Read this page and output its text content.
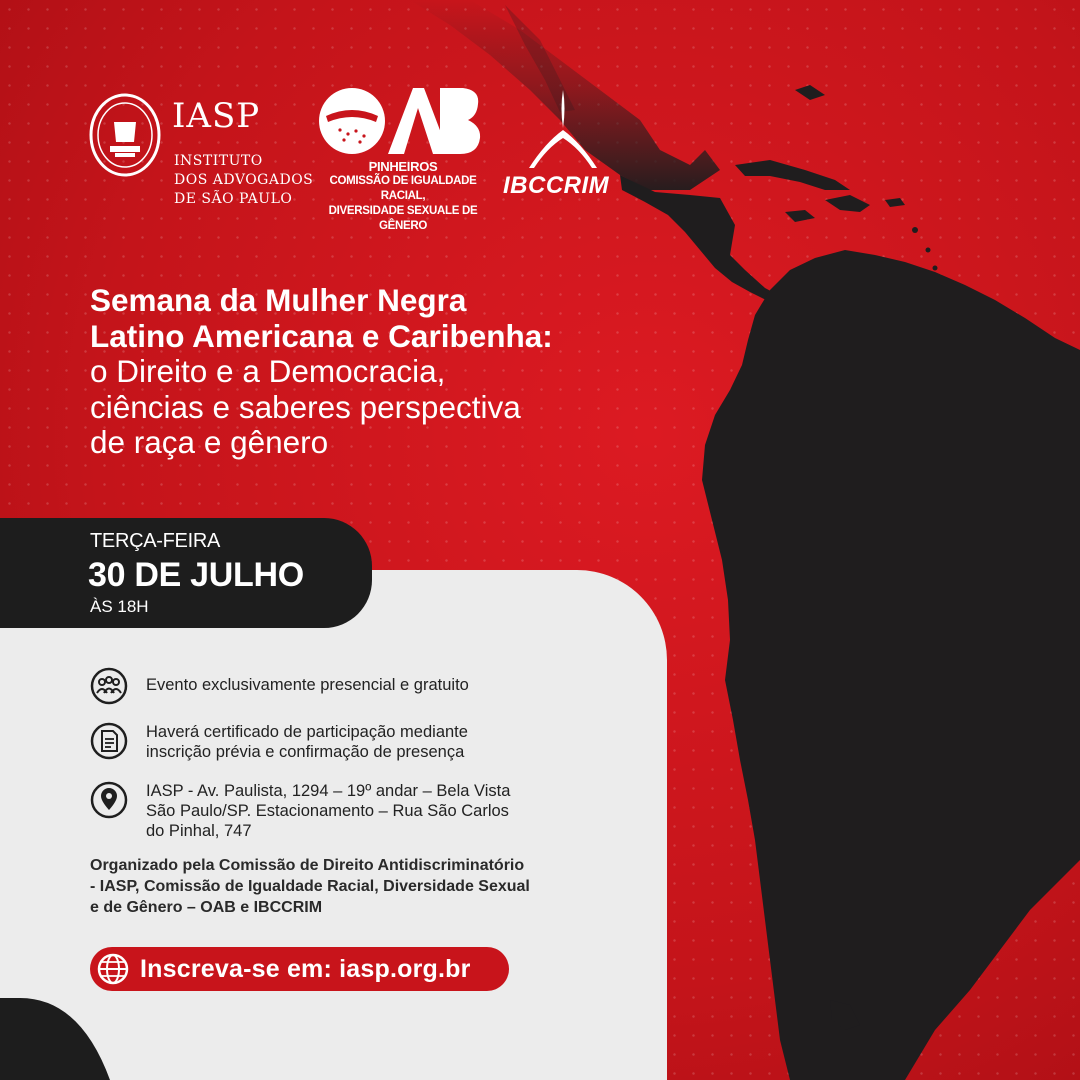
IASP
INSTITUTO
DOS ADVOGADOS
DE SÃO PAULO
PINHEIROS
COMISSÃO DE IGUALDADE RACIAL,
DIVERSIDADE SEXUALE DE GÊNERO
IBCCRIM
Semana da Mulher Negra
Latino Americana e Caribenha:
o Direito e a Democracia,
ciências e saberes perspectiva
de raça e gênero
TERÇA-FEIRA
30 DE JULHO
ÀS 18H
Evento exclusivamente presencial e gratuito
Haverá certificado de participação mediante
inscrição prévia e confirmação de presença
IASP - Av. Paulista, 1294 – 19º andar – Bela Vista
São Paulo/SP. Estacionamento – Rua São Carlos
do Pinhal, 747
Organizado pela Comissão de Direito Antidiscriminatório
- IASP, Comissão de Igualdade Racial, Diversidade Sexual
e de Gênero – OAB e IBCCRIM
Inscreva-se em: iasp.org.br
